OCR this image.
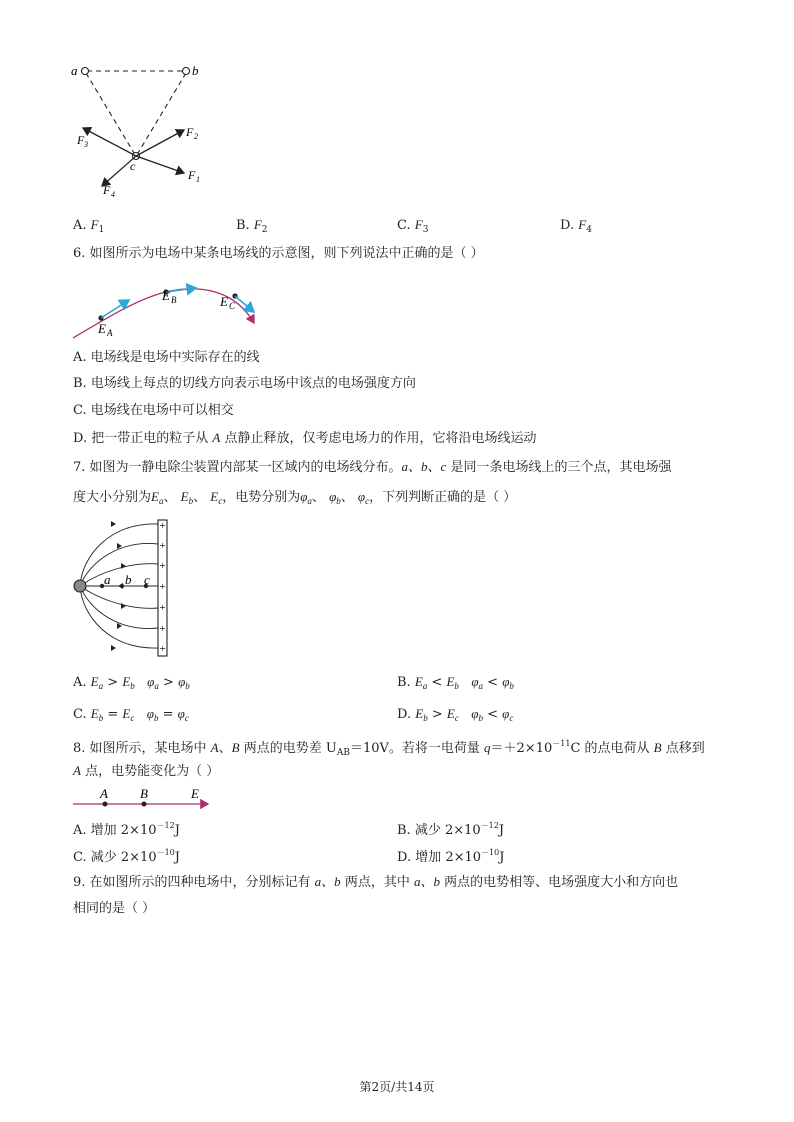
a	b
c
F 1
F 2
F 3
F 4
A. $F_1$	B. $F_2$	C. $F_3$	D. $F_4$
6. 如图所示为电场中某条电场线的示意图，则下列说法中正确的是（ ）
E A
E B	E C
A. 电场线是电场中实际存在的线
B. 电场线上每点的切线方向表示电场中该点的电场强度方向
C. 电场线在电场中可以相交
D. 把一带正电的粒子从 A 点静止释放，仅考虑电场力的作用，它将沿电场线运动
7. 如图为一静电除尘装置内部某一区域内的电场线分布。a、b、c 是同一条电场线上的三个点，其电场强
度大小分别为$E_a$、 $E_b$、 $E_c$，电势分别为$\varphi_a$、 $\varphi_b$、 $\varphi_c$，下列判断正确的是（ ）
a b c
+
+
+
+
+
+
+
A. $E_a > E_b$ $\varphi_a > \varphi_b$	B. $E_a < E_b$ $\varphi_a < \varphi_b$
C. $E_b = E_c$ $\varphi_b = \varphi_c$	D. $E_b > E_c$ $\varphi_b < \varphi_c$
8. 如图所示，某电场中 A、B 两点的电势差 $U_{AB}=10V$。若将一电荷量 $q=+2\times 10^{-11}C$ 的点电荷从 B 点移到
A 点，电势能变化为（ ）
A B	E
A. 增加 $2\times 10^{-12}J$	B. 减少 $2\times 10^{-12}J$
C. 减少 $2\times 10^{-10}J$	D. 增加 $2\times 10^{-10}J$
9. 在如图所示的四种电场中，分别标记有 a、b 两点，其中 a、b 两点的电势相等、电场强度大小和方向也
相同的是（ ）
第2页/共14页
